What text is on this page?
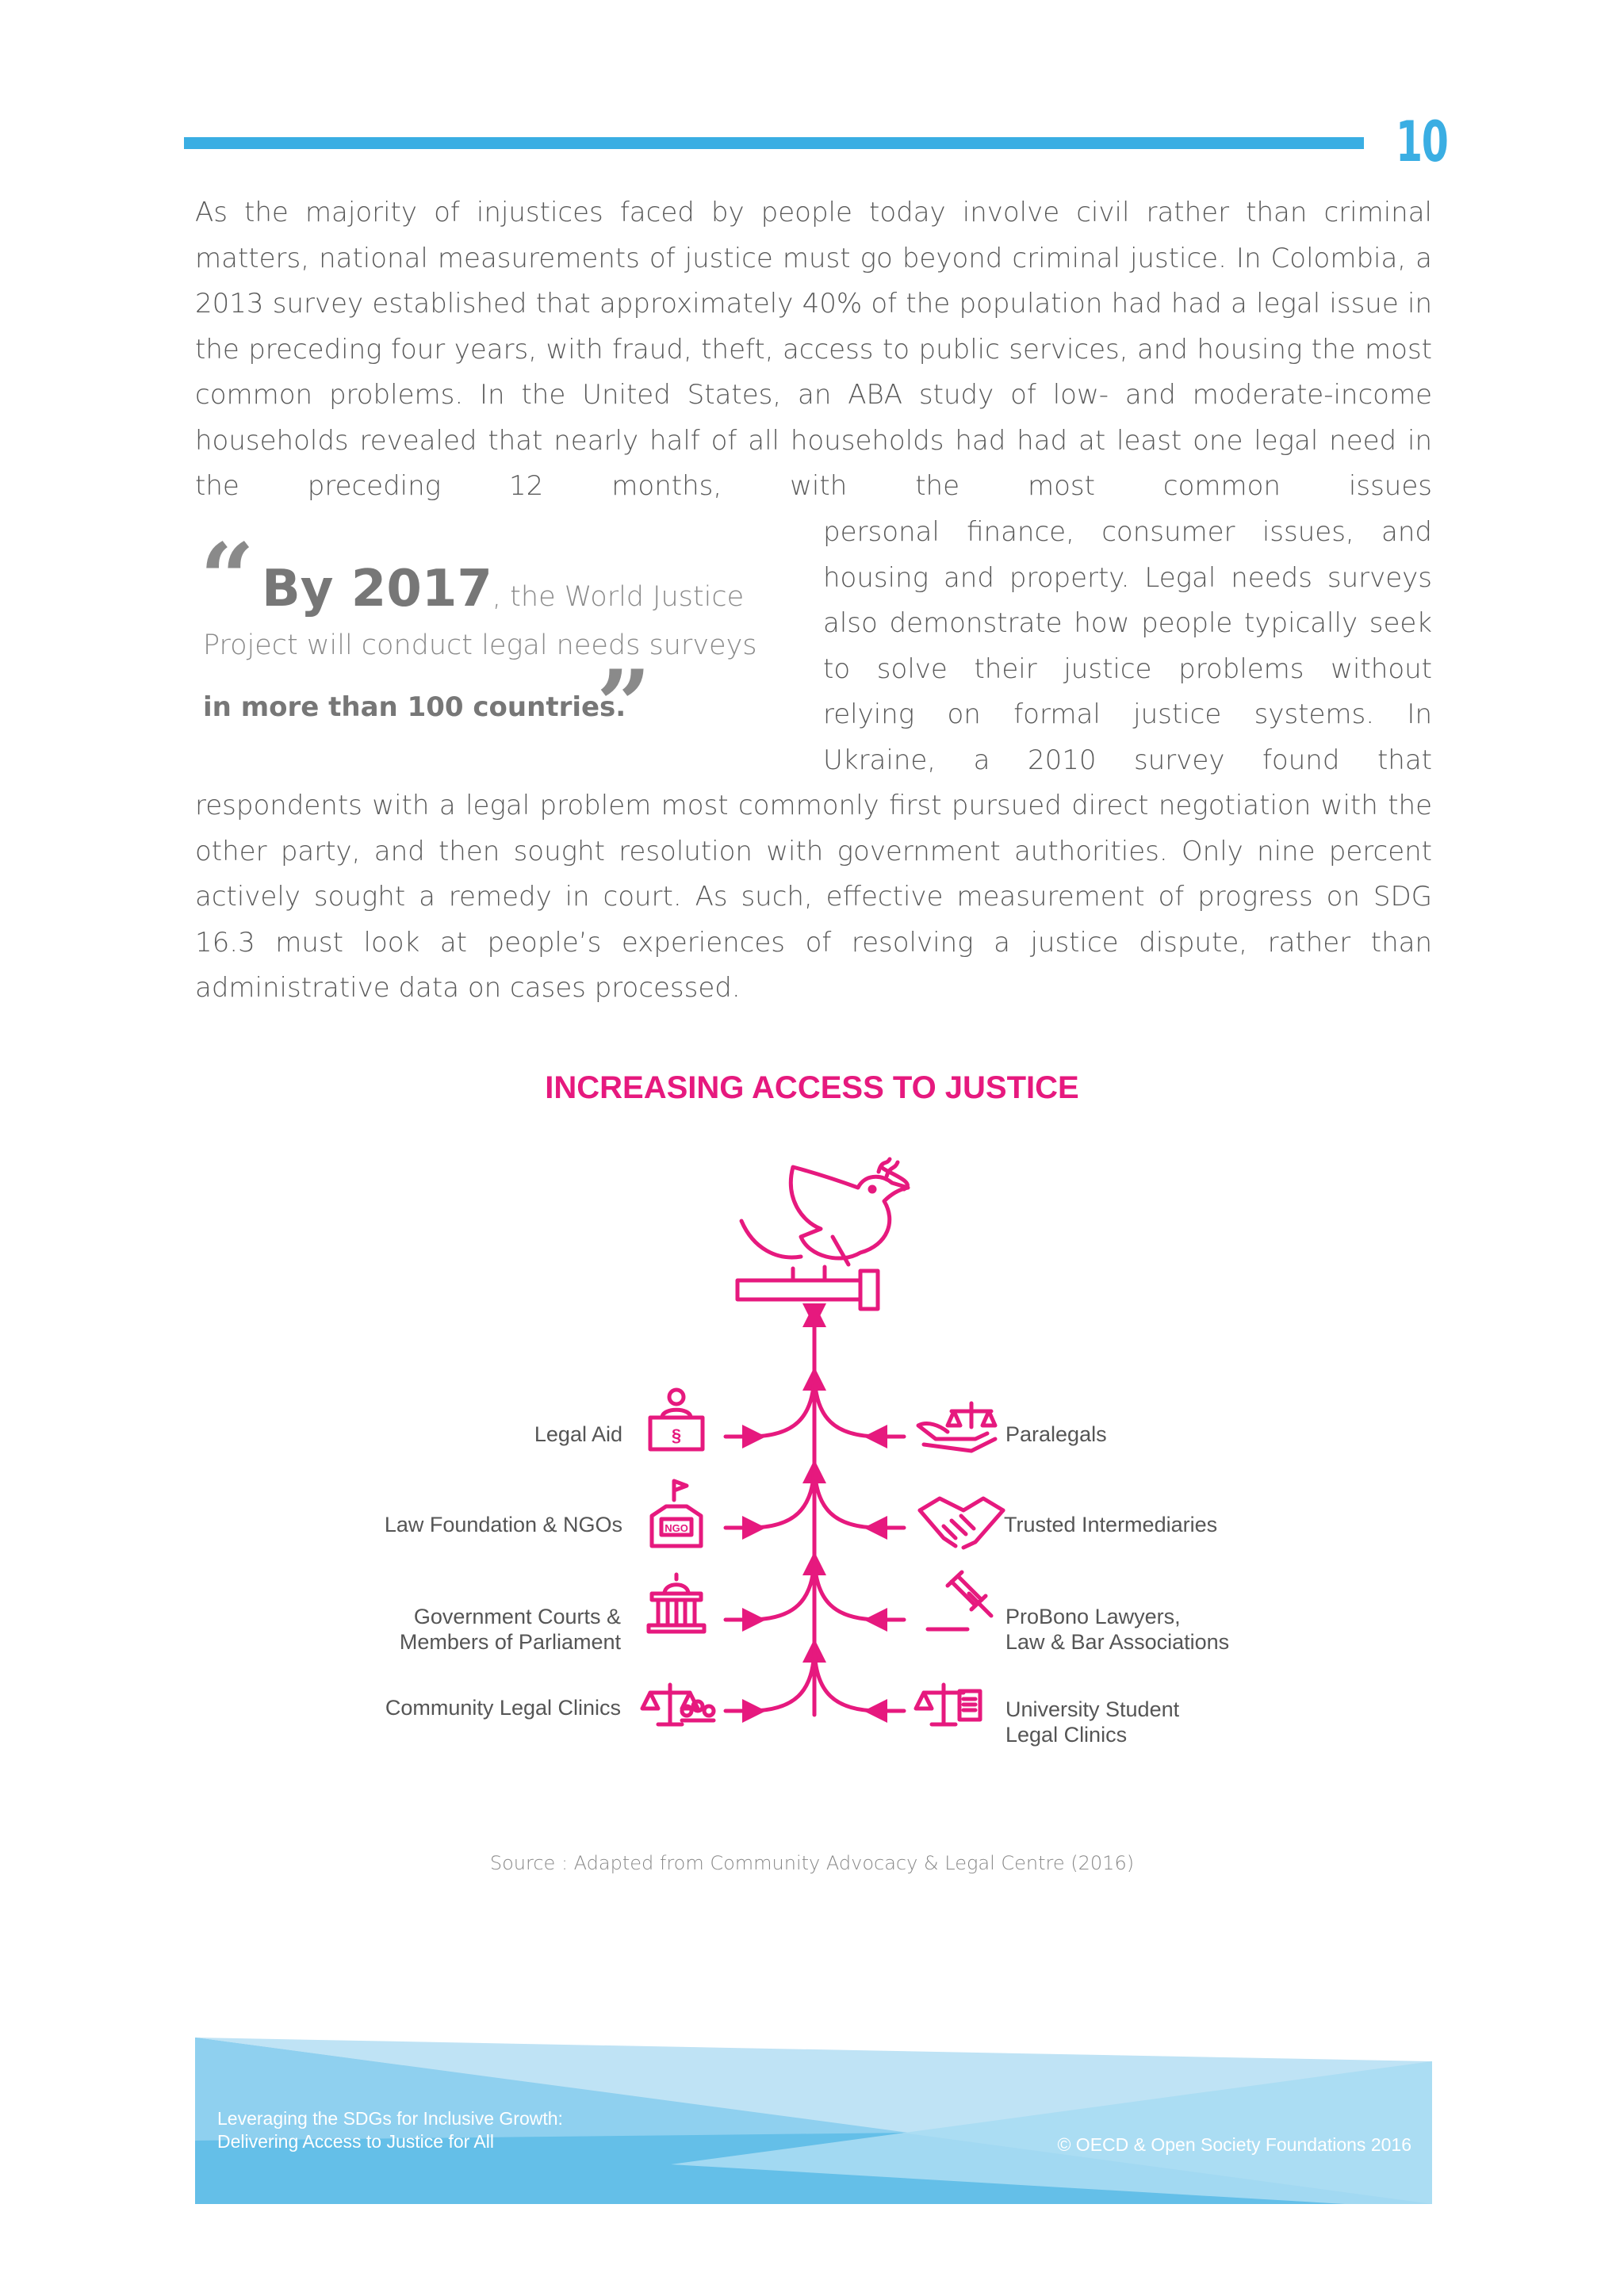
10

As the majority of injustices faced by people today involve civil rather than criminal matters, national measurements of justice must go beyond criminal justice. In Colombia, a 2013 survey established that approximately 40% of the population had had a legal issue in the preceding four years, with fraud, theft, access to public services, and housing the most common problems. In the United States, an ABA study of low- and moderate-income households revealed that nearly half of all households had had at least one legal need in the preceding 12 months, with the most common issues

personal finance, consumer issues, and housing and property. Legal needs surveys also demonstrate how people typically seek to solve their justice problems without relying on formal justice systems. In Ukraine, a 2010 survey found that

respondents with a legal problem most commonly first pursued direct negotiation with the other party, and then sought resolution with government authorities. Only nine percent actively sought a remedy in court. As such, effective measurement of progress on SDG 16.3 must look at people’s experiences of resolving a justice dispute, rather than administrative data on cases processed.

“ By 2017, the World Justice
Project will conduct legal needs surveys
in more than 100 countries.
”
INCREASING ACCESS TO JUSTICE
NGO
§
Legal Aid
Law Foundation & NGOs
Government Courts &
Members of Parliament
Community Legal Clinics
Paralegals
Trusted Intermediaries
ProBono Lawyers,
Law & Bar Associations
University Student
Legal Clinics
Source : Adapted from Community Advocacy & Legal Centre (2016)
Leveraging the SDGs for Inclusive Growth:
Delivering Access to Justice for All	© OECD & Open Society Foundations 2016
